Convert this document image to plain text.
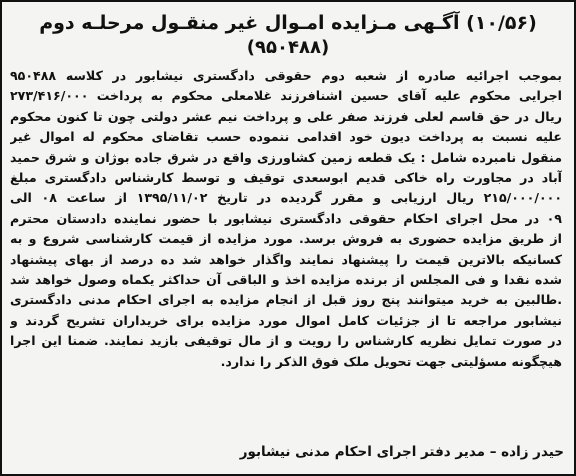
(۱۰/۵۶) آگـهی مـزایده امـوال غیر منقـول مرحلـه دوم
(۹۵۰۴۸۸)
بموجب اجرائیه صادره از شعبه دوم حقوقی دادگستری نیشابور در کلاسه ۹۵۰۴۸۸
اجرایی محکوم علیه آقای حسین اشنافرزند غلامعلی محکوم به پرداخت ۲۷۳/۴۱۶/۰۰۰
ریال در حق قاسم لعلی فرزند صفر علی و پرداخت نیم عشر دولتی چون تا کنون محکوم
علیه نسبت به پرداخت دیون خود اقدامی ننموده حسب تقاضای محکوم له اموال غیر
منقول نامبرده شامل : یک قطعه زمین کشاورزی واقع در شرق جاده بوژان و شرق حمید
آباد در مجاورت راه خاکی قدیم ابوسعدی توقیف و توسط کارشناس دادگستری مبلغ
۲۱۵/۰۰۰/۰۰۰ ریال ارزیابی و مقرر گردیده در تاریخ ۱۳۹۵/۱۱/۰۲ از ساعت ۰۸ الی
۰۹ در محل اجرای احکام حقوقی دادگستری نیشابور با حضور نماینده دادستان محترم
از طریق مزایده حضوری به فروش برسد. مورد مزایده از قیمت کارشناسی شروع و به
کسانیکه بالاترین قیمت را پیشنهاد نمایند واگذار خواهد شد ده درصد از بهای پیشنهاد
شده نقدا و فی المجلس از برنده مزایده اخذ و الباقی آن حداکثر یکماه وصول خواهد شد
.طالبین به خرید میتوانند پنج روز قبل از انجام مزایده به اجرای احکام مدنی دادگستری
نیشابور مراجعه تا از جزئیات کامل اموال مورد مزایده برای خریداران تشریح گردند و
در صورت تمایل نظریه کارشناس را رویت و از مال توقیفی بازید نمایند. ضمنا این اجرا
هیچگونه مسؤلیتی جهت تحویل ملک فوق الذکر را ندارد.
حیدر زاده – مدیر دفتر اجرای احکام مدنی نیشابور
